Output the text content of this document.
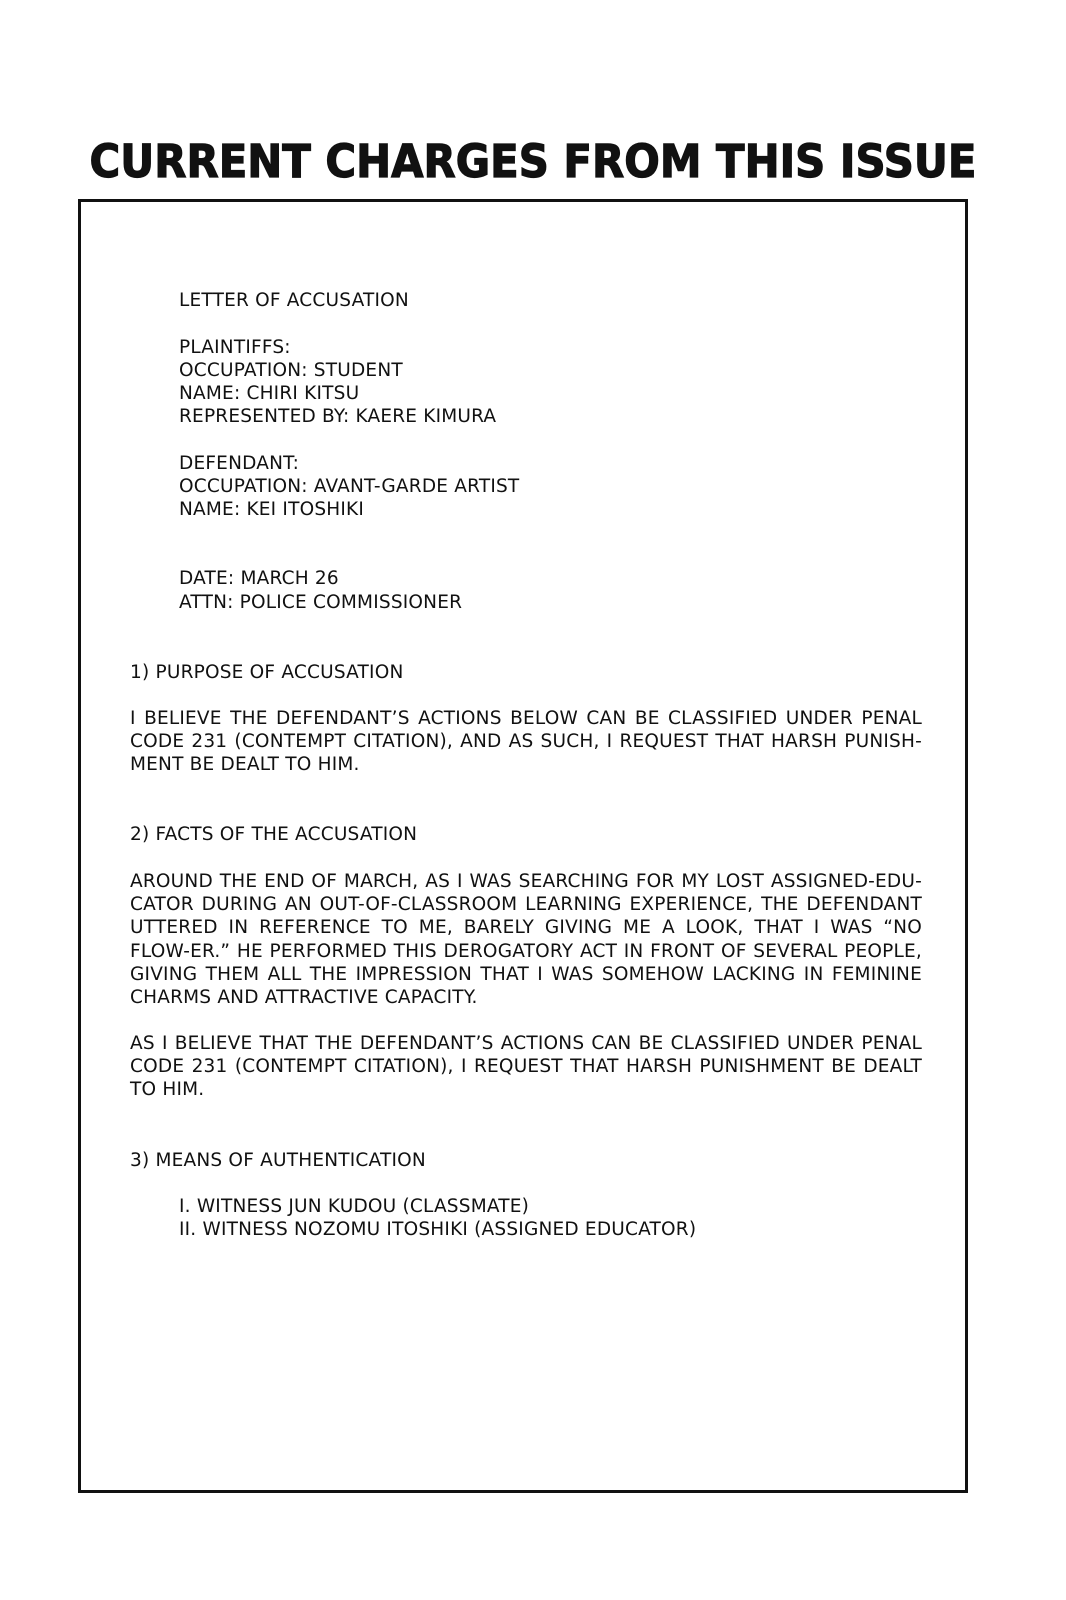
CURRENT CHARGES FROM THIS ISSUE
LETTER OF ACCUSATION
PLAINTIFFS:
OCCUPATION: STUDENT
NAME: CHIRI KITSU
REPRESENTED BY: KAERE KIMURA
DEFENDANT:
OCCUPATION: AVANT-GARDE ARTIST
NAME: KEI ITOSHIKI
DATE: MARCH 26
ATTN: POLICE COMMISSIONER
1) PURPOSE OF ACCUSATION
I BELIEVE THE DEFENDANT’S ACTIONS BELOW CAN BE CLASSIFIED UNDER PENAL CODE 231 (CONTEMPT CITATION), AND AS SUCH, I REQUEST THAT HARSH PUNISH-MENT BE DEALT TO HIM.
2) FACTS OF THE ACCUSATION
AROUND THE END OF MARCH, AS I WAS SEARCHING FOR MY LOST ASSIGNED-EDU-CATOR DURING AN OUT-OF-CLASSROOM LEARNING EXPERIENCE, THE DEFENDANT UTTERED IN REFERENCE TO ME, BARELY GIVING ME A LOOK, THAT I WAS “NO FLOW-ER.” HE PERFORMED THIS DEROGATORY ACT IN FRONT OF SEVERAL PEOPLE, GIVING THEM ALL THE IMPRESSION THAT I WAS SOMEHOW LACKING IN FEMININE CHARMS AND ATTRACTIVE CAPACITY.
AS I BELIEVE THAT THE DEFENDANT’S ACTIONS CAN BE CLASSIFIED UNDER PENAL CODE 231 (CONTEMPT CITATION), I REQUEST THAT HARSH PUNISHMENT BE DEALT TO HIM.
3) MEANS OF AUTHENTICATION
I. WITNESS JUN KUDOU (CLASSMATE)
II. WITNESS NOZOMU ITOSHIKI (ASSIGNED EDUCATOR)
